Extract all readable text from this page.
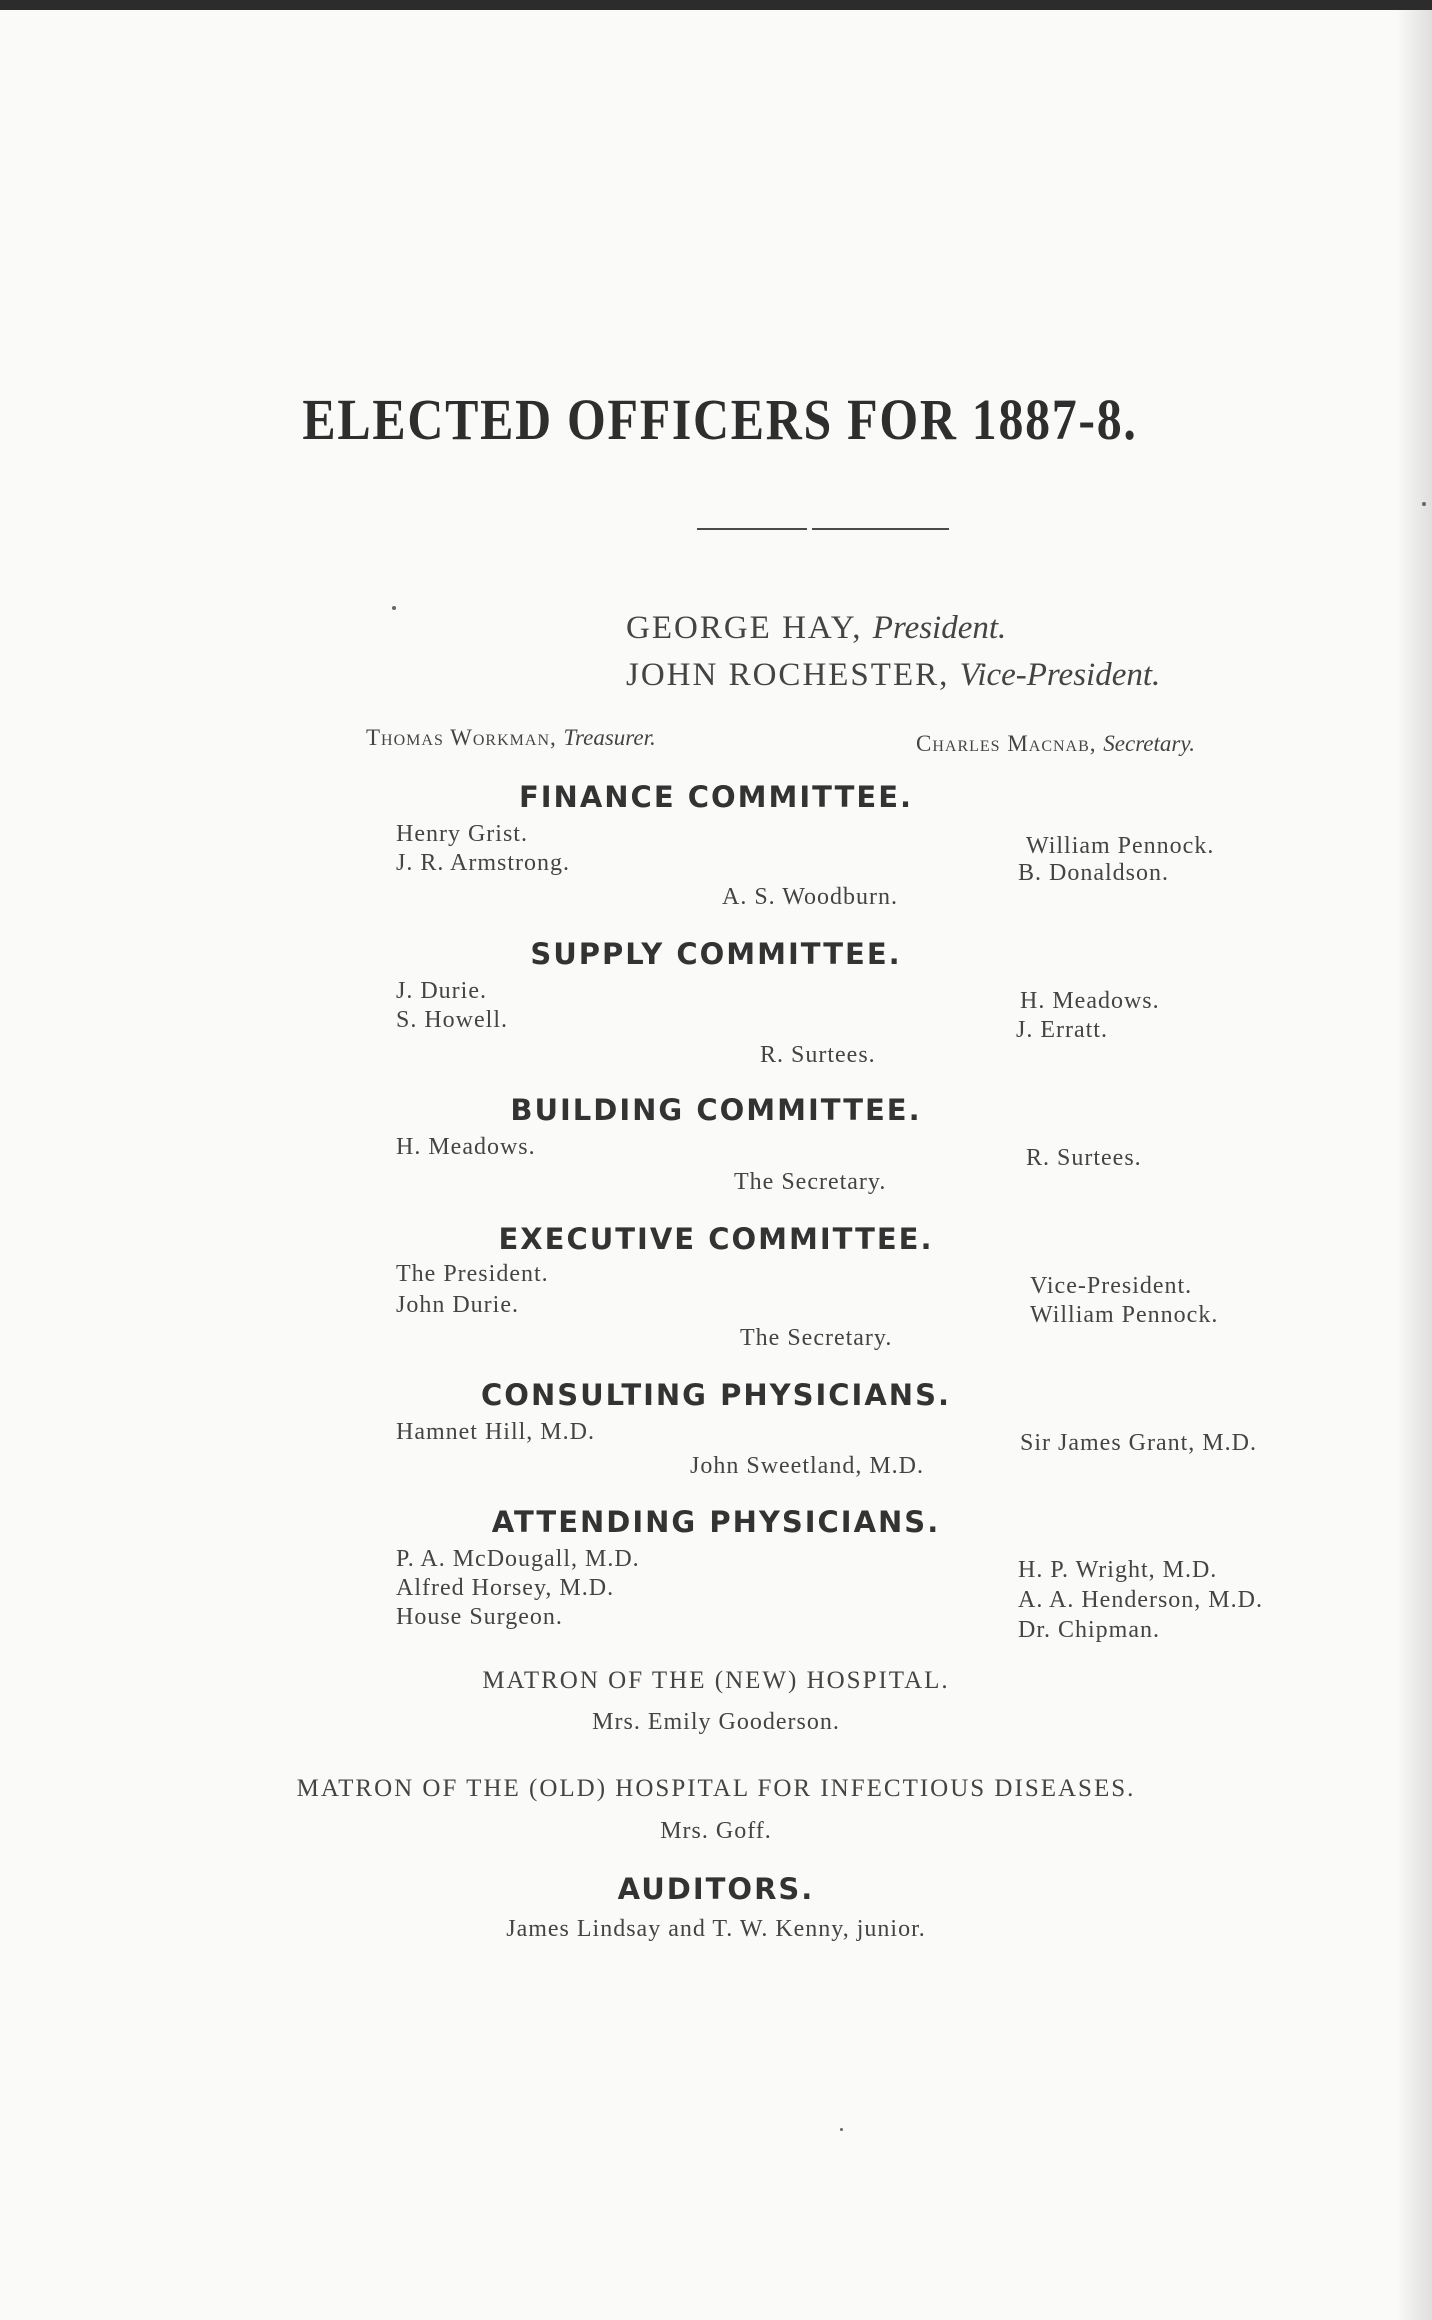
ELECTED OFFICERS FOR 1887-8.
GEORGE HAY, President.
JOHN ROCHESTER, Vice-President.
Thomas Workman, Treasurer.	Charles Macnab, Secretary.
FINANCE COMMITTEE.
Henry Grist.
J. R. Armstrong.
William Pennock.
B. Donaldson.
A. S. Woodburn.
SUPPLY COMMITTEE.
J. Durie.
S. Howell.
H. Meadows.
J. Erratt.
R. Surtees.
BUILDING COMMITTEE.
H. Meadows.	R. Surtees.
The Secretary.
EXECUTIVE COMMITTEE.
The President.
John Durie.
Vice-President.
William Pennock.
The Secretary.
CONSULTING PHYSICIANS.
Hamnet Hill, M.D.	Sir James Grant, M.D.
John Sweetland, M.D.
ATTENDING PHYSICIANS.
P. A. McDougall, M.D.
Alfred Horsey, M.D.
House Surgeon.
H. P. Wright, M.D.
A. A. Henderson, M.D.
Dr. Chipman.
MATRON OF THE (NEW) HOSPITAL.
Mrs. Emily Gooderson.
MATRON OF THE (OLD) HOSPITAL FOR INFECTIOUS DISEASES.
Mrs. Goff.
AUDITORS.
James Lindsay and T. W. Kenny, junior.
